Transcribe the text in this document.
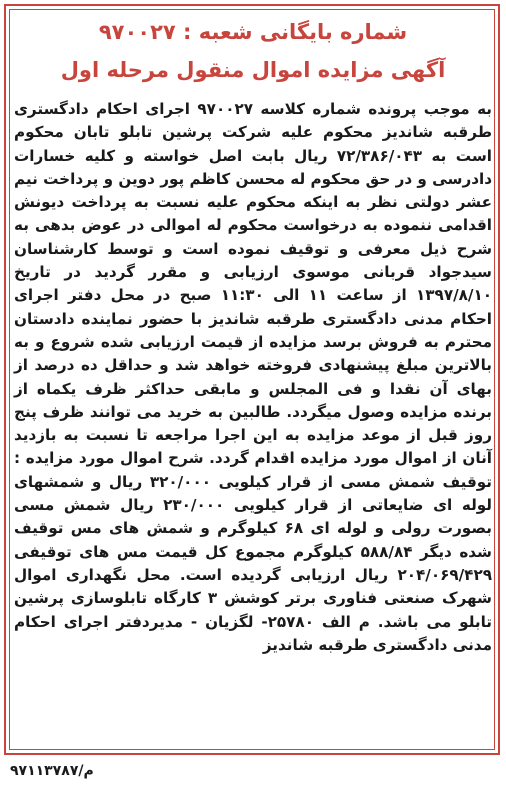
شماره بایگانی شعبه : ۹۷۰۰۲۷
آگهی مزایده اموال منقول مرحله اول
به موجب پرونده شماره کلاسه ۹۷۰۰۲۷ اجرای احکام دادگستری طرقبه شاندیز محکوم علیه شرکت پرشین تابلو تابان محکوم است به ۷۲/۳۸۶/۰۴۳ ریال بابت اصل خواسته و کلیه خسارات دادرسی و در حق محکوم له محسن کاظم پور دوین و پرداخت نیم عشر دولتی نظر به اینکه محکوم علیه نسبت به پرداخت دیونش اقدامی ننموده به درخواست محکوم له اموالی در عوض بدهی به شرح ذیل معرفی و توقیف نموده است و توسط کارشناسان سیدجواد قربانی موسوی ارزیابی و مقرر گردید در تاریخ ۱۳۹۷/۸/۱۰ از ساعت ۱۱ الی ۱۱:۳۰ صبح در محل دفتر اجرای احکام مدنی دادگستری طرقبه شاندیز با حضور نماینده دادستان محترم به فروش برسد مزایده از قیمت ارزیابی شده شروع و به بالاترین مبلغ پیشنهادی فروخته خواهد شد و حداقل ده درصد از بهای آن نقدا و فی المجلس و مابقی حداکثر ظرف یکماه از برنده مزایده وصول میگردد. طالبین به خرید می توانند ظرف پنج روز قبل از موعد مزایده به این اجرا مراجعه تا نسبت به بازدید آنان از اموال مورد مزایده اقدام گردد. شرح اموال مورد مزایده : توقیف شمش مسی از قرار کیلویی ۳۲۰/۰۰۰ ریال و شمشهای لوله ای ضایعاتی از قرار کیلویی ۲۳۰/۰۰۰ ریال شمش مسی بصورت رولی و لوله ای ۶۸ کیلوگرم و شمش های مس توقیف شده دیگر ۵۸۸/۸۴ کیلوگرم مجموع کل قیمت مس های توقیفی ۲۰۴/۰۶۹/۴۲۹ ریال ارزیابی گردیده است. محل نگهداری اموال شهرک صنعتی فناوری برتر کوشش ۳ کارگاه تابلوسازی پرشین تابلو می باشد. م الف ۲۵۷۸۰- لگزیان - مدیردفتر اجرای احکام مدنی دادگستری طرقبه شاندیز
م/۹۷۱۱۳۷۸۷
